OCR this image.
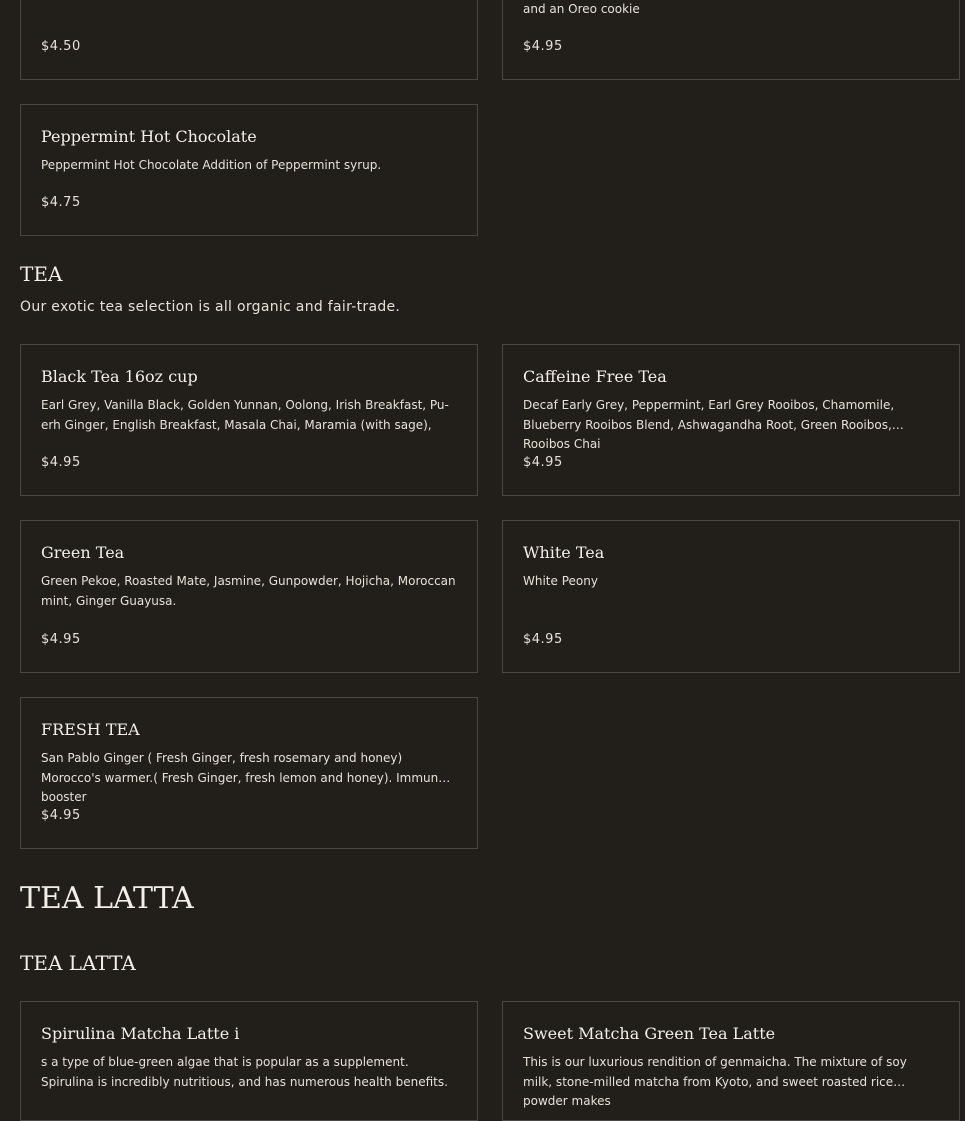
$4.50
and an Oreo cookie
$4.95
Peppermint Hot Chocolate
Peppermint Hot Chocolate Addition of Peppermint syrup.
$4.75
TEA
Our exotic tea selection is all organic and fair-trade.
Black Tea 16oz cup
Earl Grey, Vanilla Black, Golden Yunnan, Oolong, Irish Breakfast, Pu-erh Ginger, English Breakfast, Masala Chai, Maramia (with sage),
$4.95
Caffeine Free Tea
Decaf Early Grey, Peppermint, Earl Grey Rooibos, Chamomile, Blueberry Rooibos Blend, Ashwagandha Root, Green Rooibos, Rooibos Chai
$4.95
Green Tea
Green Pekoe, Roasted Mate, Jasmine, Gunpowder, Hojicha, Moroccan mint, Ginger Guayusa.
$4.95
White Tea
White Peony
$4.95
FRESH TEA
San Pablo Ginger ( Fresh Ginger, fresh rosemary and honey) Morocco's warmer.( Fresh Ginger, fresh lemon and honey). Immune booster
$4.95
TEA LATTA
TEA LATTA
Spirulina Matcha Latte i
s a type of blue-green algae that is popular as a supplement. Spirulina is incredibly nutritious, and has numerous health benefits.
Sweet Matcha Green Tea Latte
This is our luxurious rendition of genmaicha. The mixture of soy milk, stone-milled matcha from Kyoto, and sweet roasted rice powder makes
